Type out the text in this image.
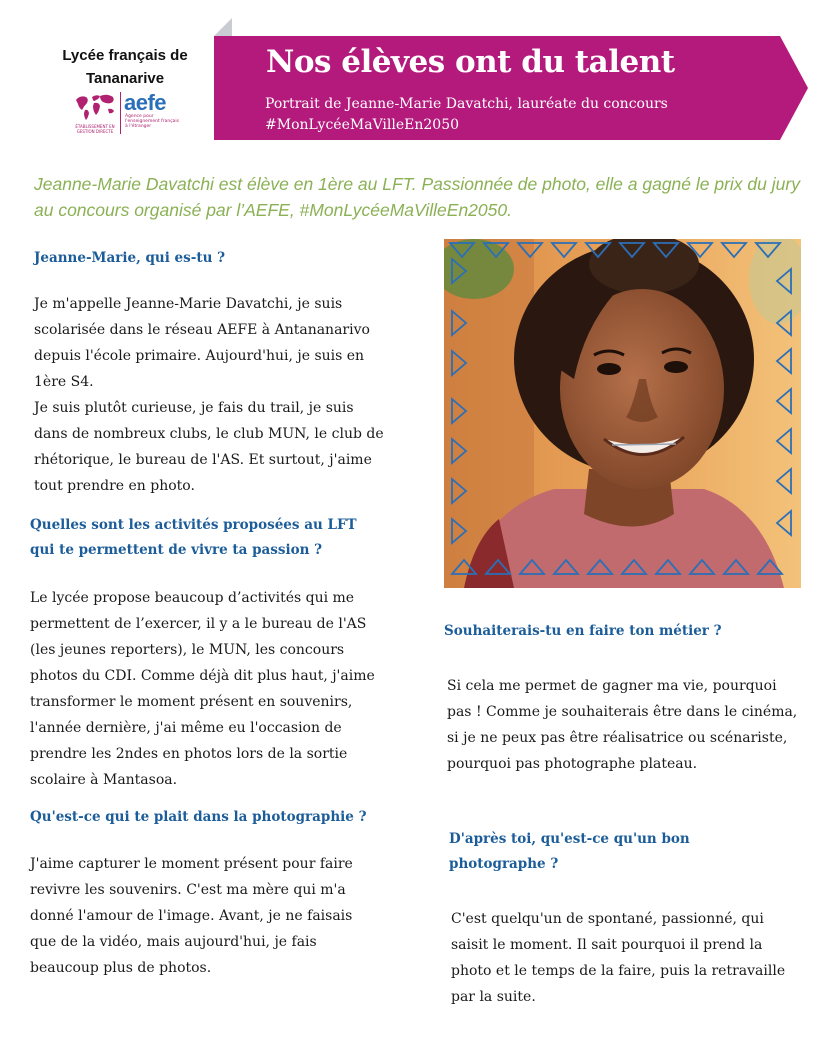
Lycée français de Tananarive
ÉTABLISSEMENT EN GESTION DIRECTE
aefe
Agence pour l'enseignement français à l'étranger
Nos élèves ont du talent
Portrait de Jeanne-Marie Davatchi, lauréate du concours #MonLycéeMaVilleEn2050
Jeanne-Marie Davatchi est élève en 1ère au LFT. Passionnée de photo, elle a gagné le prix du jury au concours organisé par l’AEFE, #MonLycéeMaVilleEn2050.
Jeanne-Marie, qui es-tu ?
Je m'appelle Jeanne-Marie Davatchi, je suis scolarisée dans le réseau AEFE à Antananarivo depuis l'école primaire. Aujourd'hui, je suis en 1ère S4.
Je suis plutôt curieuse, je fais du trail, je suis dans de nombreux clubs, le club MUN, le club de rhétorique, le bureau de l'AS. Et surtout, j'aime tout prendre en photo.
Quelles sont les activités proposées au LFT qui te permettent de vivre ta passion ?
Le lycée propose beaucoup d’activités qui me permettent de l’exercer, il y a le bureau de l'AS (les jeunes reporters), le MUN, les concours photos du CDI. Comme déjà dit plus haut, j'aime transformer le moment présent en souvenirs, l'année dernière, j'ai même eu l'occasion de prendre les 2ndes en photos lors de la sortie scolaire à Mantasoa.
Qu'est-ce qui te plait dans la photographie ?
J'aime capturer le moment présent pour faire revivre les souvenirs. C'est ma mère qui m'a donné l'amour de l'image. Avant, je ne faisais que de la vidéo, mais aujourd'hui, je fais beaucoup plus de photos.
Souhaiterais-tu en faire ton métier ?
Si cela me permet de gagner ma vie, pourquoi pas ! Comme je souhaiterais être dans le cinéma, si je ne peux pas être réalisatrice ou scénariste, pourquoi pas photographe plateau.
D'après toi, qu'est-ce qu'un bon photographe ?
C'est quelqu'un de spontané, passionné, qui saisit le moment. Il sait pourquoi il prend la photo et le temps de la faire, puis la retravaille par la suite.
